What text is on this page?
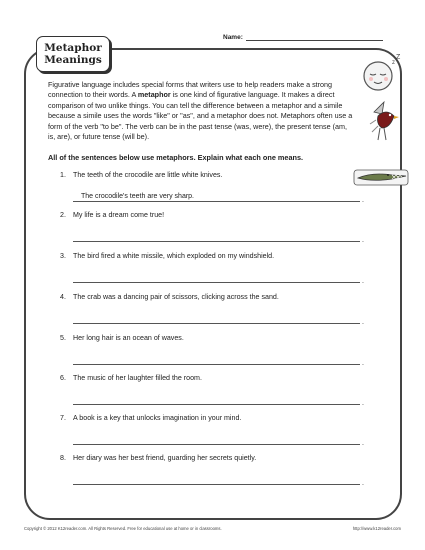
Name:
Metaphor
Meanings	z
Z

Figurative language includes special forms that writers use to help readers make a strong connection to their words. A metaphor is one kind of figurative language. It makes a direct comparison of two unlike things. You can tell the difference between a metaphor and a simile because a simile uses the words "like" or "as", and a metaphor does not. Metaphors often use a form of the verb "to be". The verb can be in the past tense (was, were), the present tense (am, is, are), or future tense (will be).

All of the sentences below use metaphors. Explain what each one means.

1. The teeth of the crocodile are little white knives.
The crocodile's teeth are very sharp.
.
2. My life is a dream come true!
.
3. The bird fired a white missile, which exploded on my windshield.
.
4. The crab was a dancing pair of scissors, clicking across the sand.
.
5. Her long hair is an ocean of waves.
.
6. The music of her laughter filled the room.
.
7. A book is a key that unlocks imagination in your mind.
.
8. Her diary was her best friend, guarding her secrets quietly.
.
Copyright © 2012 K12reader.com. All Rights Reserved. Free for educational use at home or in classrooms.	http://www.k12reader.com
